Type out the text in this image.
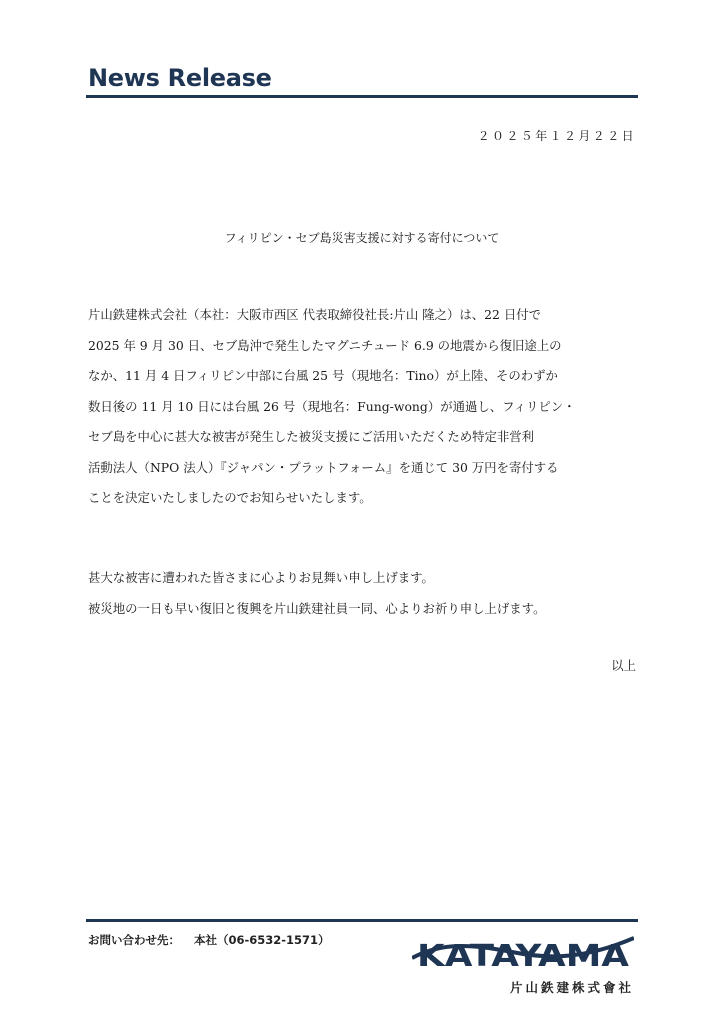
News Release
２０２５年１２月２２日
フィリピン・セブ島災害支援に対する寄付について
片山鉄建株式会社（本社：大阪市西区 代表取締役社長:片山 隆之）は、22 日付で
2025 年 9 月 30 日、セブ島沖で発生したマグニチュード 6.9 の地震から復旧途上の
なか、11 月 4 日フィリピン中部に台風 25 号（現地名：Tino）が上陸、そのわずか
数日後の 11 月 10 日には台風 26 号（現地名：Fung-wong）が通過し、フィリピン・
セブ島を中心に甚大な被害が発生した被災支援にご活用いただくため特定非営利
活動法人（NPO 法人）『ジャパン・プラットフォーム』を通じて 30 万円を寄付する
ことを決定いたしましたのでお知らせいたします。
甚大な被害に遭われた皆さまに心よりお見舞い申し上げます。
被災地の一日も早い復旧と復興を片山鉄建社員一同、心よりお祈り申し上げます。
以上
お問い合わせ先： 本社（06-6532-1571）	KATAYAMA
片山鉄建株式會社
